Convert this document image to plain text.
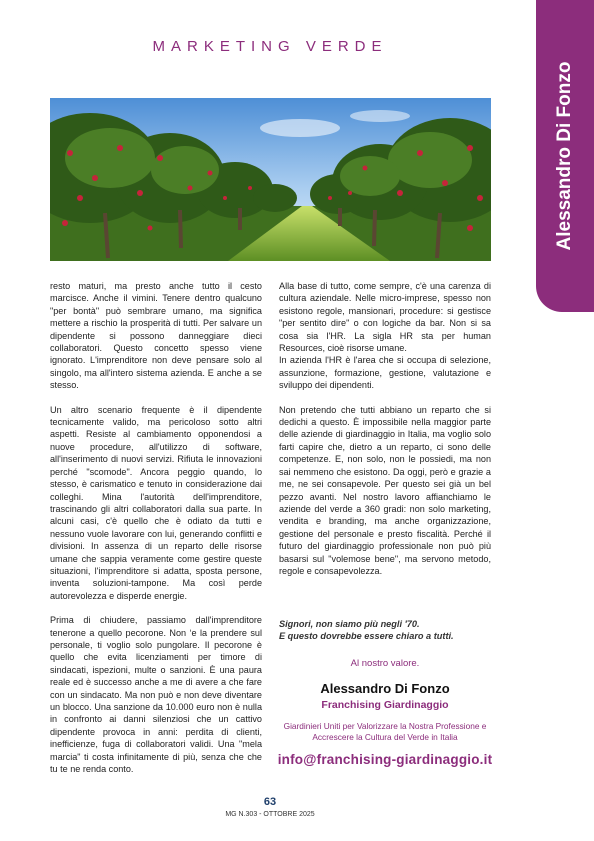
MARKETING VERDE
Alessandro Di Fonzo

resto maturi, ma presto anche tutto il cesto marcisce. Anche il vimini. Tenere dentro qualcuno "per bontà" può sembrare umano, ma significa mettere a rischio la prosperità di tutti. Per salvare un dipendente si possono danneggiare dieci collaboratori. Questo concetto spesso viene ignorato. L'imprenditore non deve pensare solo al singolo, ma all'intero sistema azienda. E anche a se stesso.

Un altro scenario frequente è il dipendente tecnicamente valido, ma pericoloso sotto altri aspetti. Resiste al cambiamento opponendosi a nuove procedure, all'utilizzo di software, all'inserimento di nuovi servizi. Rifiuta le innovazioni perché "scomode". Ancora peggio quando, lo stesso, è carismatico e tenuto in considerazione dai colleghi. Mina l'autorità dell'imprenditore, trascinando gli altri collaboratori dalla sua parte. In alcuni casi, c'è quello che è odiato da tutti e nessuno vuole lavorare con lui, generando conflitti e divisioni. In assenza di un reparto delle risorse umane che sappia veramente come gestire queste situazioni, l'imprenditore si adatta, sposta persone, inventa soluzioni-tampone. Ma così perde autorevolezza e disperde energie.

Prima di chiudere, passiamo dall'imprenditore tenerone a quello pecorone. Non ‘e la prendere sul personale, ti voglio solo pungolare. Il pecorone è quello che evita licenziamenti per timore di sindacati, ispezioni, multe o sanzioni. È una paura reale ed è successo anche a me di avere a che fare con un sindacato. Ma non può e non deve diventare un blocco. Una sanzione da 10.000 euro non è nulla in confronto ai danni silenziosi che un cattivo dipendente provoca in anni: perdita di clienti, inefficienze, fuga di collaboratori validi. Una "mela marcia" ti costa infinitamente di più, senza che che tu te ne renda conto.

Alla base di tutto, come sempre, c'è una carenza di cultura aziendale. Nelle micro-imprese, spesso non esistono regole, mansionari, procedure: si gestisce "per sentito dire" o con logiche da bar. Non si sa cosa sia l'HR. La sigla HR sta per human Resources, cioè risorse umane.

In azienda l'HR è l'area che si occupa di selezione, assunzione, formazione, gestione, valutazione e sviluppo dei dipendenti.

Non pretendo che tutti abbiano un reparto che si dedichi a questo. È impossibile nella maggior parte delle aziende di giardinaggio in Italia, ma voglio solo farti capire che, dietro a un reparto, ci sono delle competenze. E, non solo, non le possiedi, ma non sai nemmeno che esistono. Da oggi, però e grazie a me, ne sei consapevole. Per questo sei già un bel pezzo avanti. Nel nostro lavoro affianchiamo le aziende del verde a 360 gradi: non solo marketing, vendita e branding, ma anche organizzazione, gestione del personale e presto fiscalità. Perché il futuro del giardinaggio professionale non può più basarsi sul "volemose bene", ma servono metodo, regole e consapevolezza.

Signori, non siamo più negli '70.
E questo dovrebbe essere chiaro a tutti.
Al nostro valore.
Alessandro Di Fonzo
Franchising Giardinaggio
Giardinieri Uniti per Valorizzare la Nostra Professione e Accrescere la Cultura del Verde in Italia
info@franchising-giardinaggio.it
63
MG N.303 - OTTOBRE 2025
